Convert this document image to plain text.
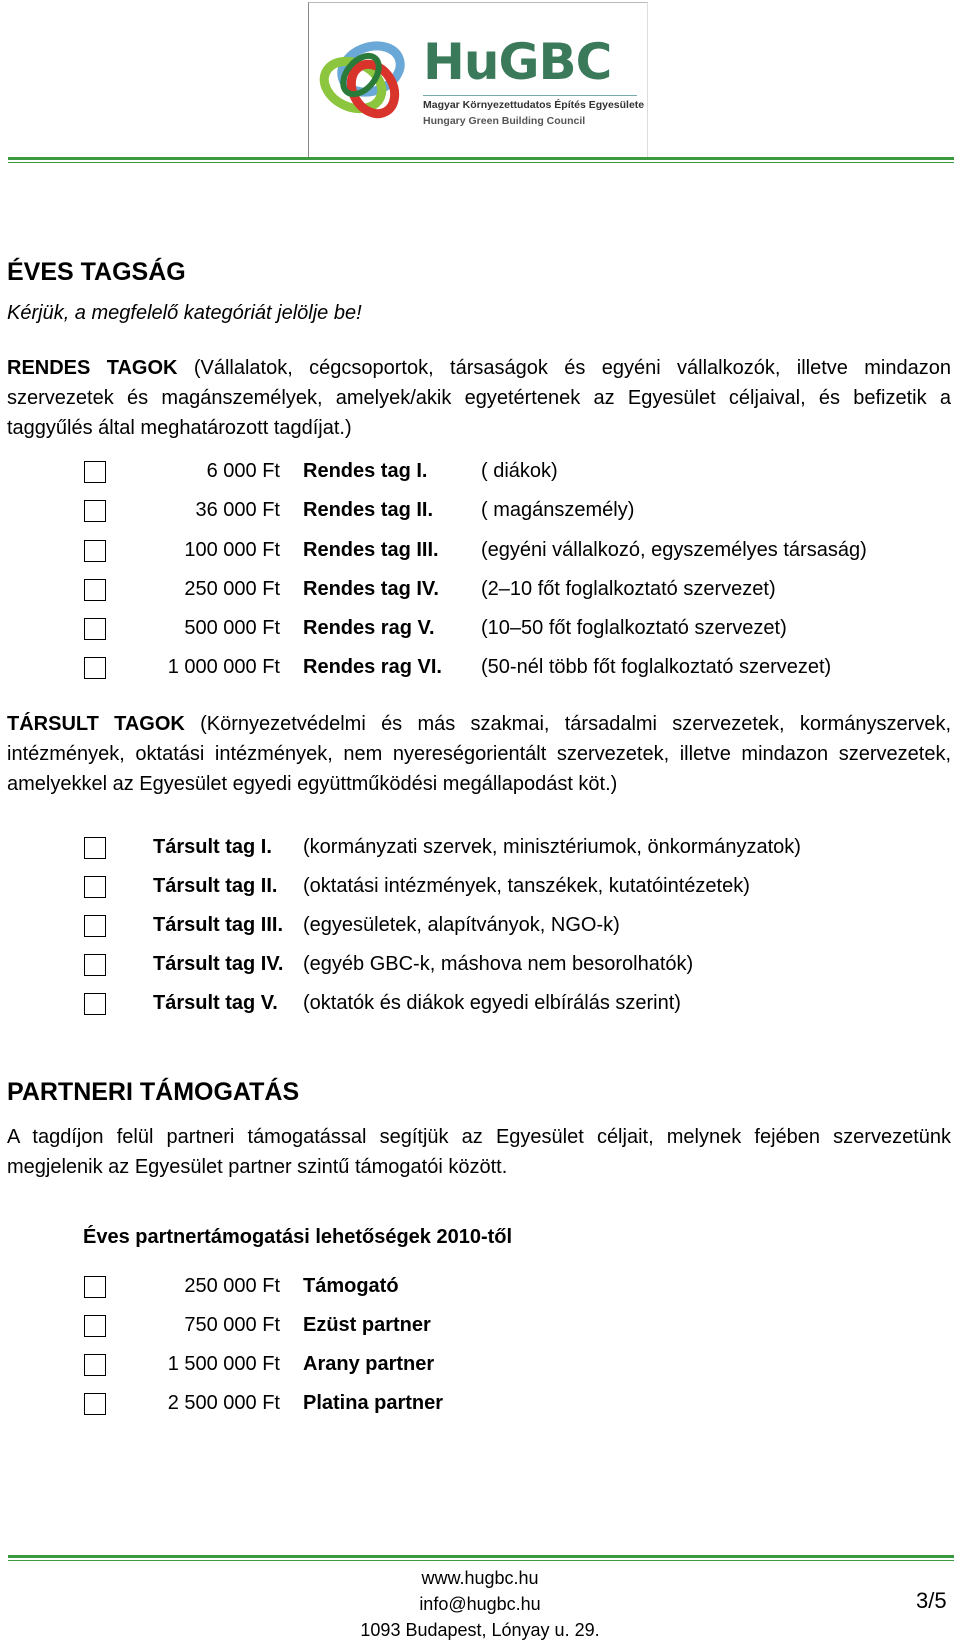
HuGBC
Magyar Környezettudatos Építés Egyesülete
Hungary Green Building Council
ÉVES TAGSÁG
Kérjük, a megfelelő kategóriát jelölje be!
RENDES TAGOK (Vállalatok, cégcsoportok, társaságok és egyéni vállalkozók, illetve mindazon szervezetek és magánszemélyek, amelyek/akik egyetértenek az Egyesület céljaival, és befizetik a taggyűlés által meghatározott tagdíjat.)
6 000 Ft Rendes tag I.	( diákok)
36 000 Ft Rendes tag II. ( magánszemély)
100 000 Ft Rendes tag III. (egyéni vállalkozó, egyszemélyes társaság)
250 000 Ft Rendes tag IV. (2–10 főt foglalkoztató szervezet)
500 000 Ft Rendes rag V. (10–50 főt foglalkoztató szervezet)
1 000 000 Ft Rendes rag VI. (50-nél több főt foglalkoztató szervezet)
TÁRSULT TAGOK (Környezetvédelmi és más szakmai, társadalmi szervezetek, kormányszervek, intézmények, oktatási intézmények, nem nyereségorientált szervezetek, illetve mindazon szervezetek, amelyekkel az Egyesület egyedi együttműködési megállapodást köt.)
Társult tag I. (kormányzati szervek, minisztériumok, önkormányzatok)
Társult tag II. (oktatási intézmények, tanszékek, kutatóintézetek)
Társult tag III. (egyesületek, alapítványok, NGO-k)
Társult tag IV. (egyéb GBC-k, máshova nem besorolhatók)
Társult tag V. (oktatók és diákok egyedi elbírálás szerint)
PARTNERI TÁMOGATÁS
A tagdíjon felül partneri támogatással segítjük az Egyesület céljait, melynek fejében szervezetünk megjelenik az Egyesület partner szintű támogatói között.
Éves partnertámogatási lehetőségek 2010-től
250 000 Ft Támogató
750 000 Ft Ezüst partner
1 500 000 Ft Arany partner
2 500 000 Ft Platina partner
www.hugbc.hu
info@hugbc.hu
1093 Budapest, Lónyay u. 29.
3/5
